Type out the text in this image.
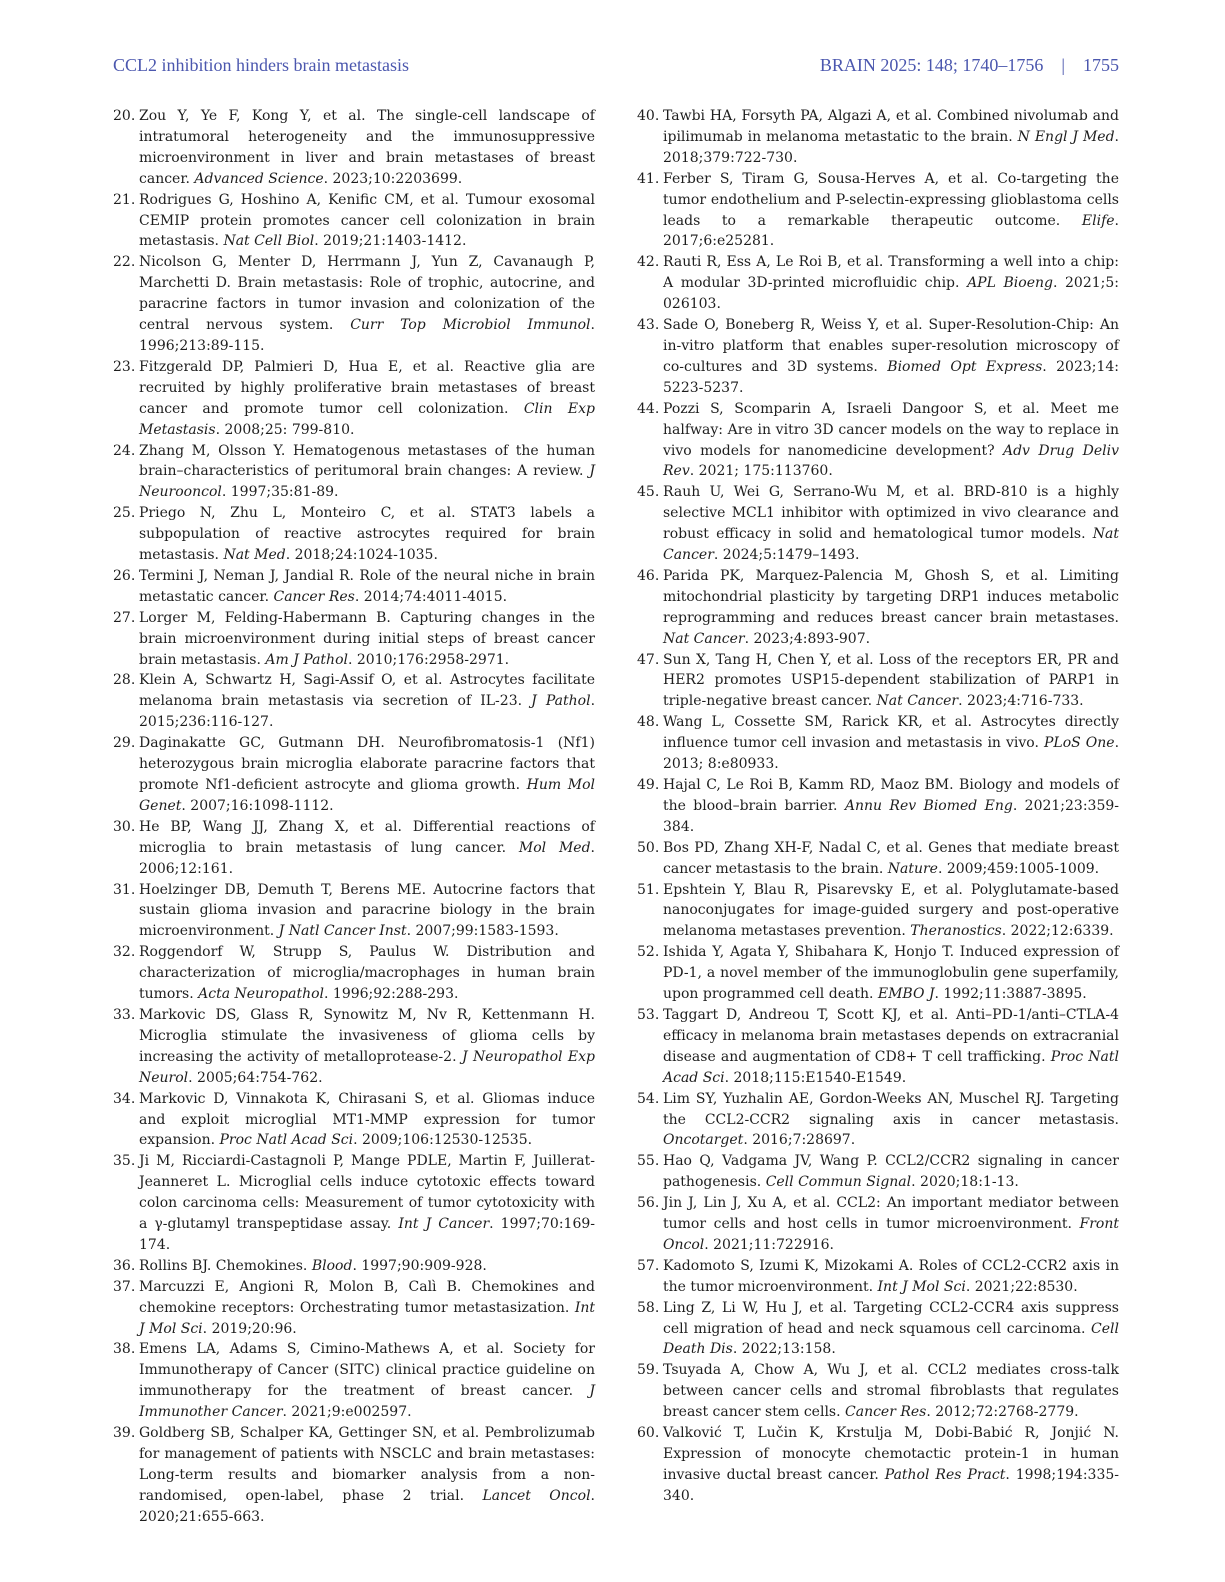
CCL2 inhibition hinders brain metastasis	BRAIN 2025: 148; 1740–1756 | 1755

20. Zou Y, Ye F, Kong Y, et al. The single-cell landscape of intratumoral heterogeneity and the immunosuppressive microenvironment in liver and brain metastases of breast cancer. Advanced Science. 2023;10:2203699.

21. Rodrigues G, Hoshino A, Kenific CM, et al. Tumour exosomal CEMIP protein promotes cancer cell colonization in brain metastasis. Nat Cell Biol. 2019;21:1403-1412.

22. Nicolson G, Menter D, Herrmann J, Yun Z, Cavanaugh P, Marchetti D. Brain metastasis: Role of trophic, autocrine, and paracrine factors in tumor invasion and colonization of the central nervous system. Curr Top Microbiol Immunol. 1996;213:89-115.

23. Fitzgerald DP, Palmieri D, Hua E, et al. Reactive glia are recruited by highly proliferative brain metastases of breast cancer and promote tumor cell colonization. Clin Exp Metastasis. 2008;25: 799-810.

24. Zhang M, Olsson Y. Hematogenous metastases of the human brain–characteristics of peritumoral brain changes: A review. J Neurooncol. 1997;35:81-89.

25. Priego N, Zhu L, Monteiro C, et al. STAT3 labels a subpopulation of reactive astrocytes required for brain metastasis. Nat Med. 2018;24:1024-1035.

26. Termini J, Neman J, Jandial R. Role of the neural niche in brain metastatic cancer. Cancer Res. 2014;74:4011-4015.

27. Lorger M, Felding-Habermann B. Capturing changes in the brain microenvironment during initial steps of breast cancer brain metastasis. Am J Pathol. 2010;176:2958-2971.

28. Klein A, Schwartz H, Sagi-Assif O, et al. Astrocytes facilitate melanoma brain metastasis via secretion of IL-23. J Pathol. 2015;236:116-127.

29. Daginakatte GC, Gutmann DH. Neurofibromatosis-1 (Nf1) heterozygous brain microglia elaborate paracrine factors that promote Nf1-deficient astrocyte and glioma growth. Hum Mol Genet. 2007;16:1098-1112.

30. He BP, Wang JJ, Zhang X, et al. Differential reactions of microglia to brain metastasis of lung cancer. Mol Med. 2006;12:161.

31. Hoelzinger DB, Demuth T, Berens ME. Autocrine factors that sustain glioma invasion and paracrine biology in the brain microenvironment. J Natl Cancer Inst. 2007;99:1583-1593.

32. Roggendorf W, Strupp S, Paulus W. Distribution and characterization of microglia/macrophages in human brain tumors. Acta Neuropathol. 1996;92:288-293.

33. Markovic DS, Glass R, Synowitz M, Nv R, Kettenmann H. Microglia stimulate the invasiveness of glioma cells by increasing the activity of metalloprotease-2. J Neuropathol Exp Neurol. 2005;64:754-762.

34. Markovic D, Vinnakota K, Chirasani S, et al. Gliomas induce and exploit microglial MT1-MMP expression for tumor expansion. Proc Natl Acad Sci. 2009;106:12530-12535.

35. Ji M, Ricciardi-Castagnoli P, Mange PDLE, Martin F, Juillerat-Jeanneret L. Microglial cells induce cytotoxic effects toward colon carcinoma cells: Measurement of tumor cytotoxicity with a γ-glutamyl transpeptidase assay. Int J Cancer. 1997;70:169-174.

36. Rollins BJ. Chemokines. Blood. 1997;90:909-928.

37. Marcuzzi E, Angioni R, Molon B, Calì B. Chemokines and chemokine receptors: Orchestrating tumor metastasization. Int J Mol Sci. 2019;20:96.

38. Emens LA, Adams S, Cimino-Mathews A, et al. Society for Immunotherapy of Cancer (SITC) clinical practice guideline on immunotherapy for the treatment of breast cancer. J Immunother Cancer. 2021;9:e002597.

39. Goldberg SB, Schalper KA, Gettinger SN, et al. Pembrolizumab for management of patients with NSCLC and brain metastases: Long-term results and biomarker analysis from a non-randomised, open-label, phase 2 trial. Lancet Oncol. 2020;21:655-663.

40. Tawbi HA, Forsyth PA, Algazi A, et al. Combined nivolumab and ipilimumab in melanoma metastatic to the brain. N Engl J Med. 2018;379:722-730.

41. Ferber S, Tiram G, Sousa-Herves A, et al. Co-targeting the tumor endothelium and P-selectin-expressing glioblastoma cells leads to a remarkable therapeutic outcome. Elife. 2017;6:e25281.

42. Rauti R, Ess A, Le Roi B, et al. Transforming a well into a chip: A modular 3D-printed microfluidic chip. APL Bioeng. 2021;5: 026103.

43. Sade O, Boneberg R, Weiss Y, et al. Super-Resolution-Chip: An in-vitro platform that enables super-resolution microscopy of co-cultures and 3D systems. Biomed Opt Express. 2023;14: 5223-5237.

44. Pozzi S, Scomparin A, Israeli Dangoor S, et al. Meet me halfway: Are in vitro 3D cancer models on the way to replace in vivo models for nanomedicine development? Adv Drug Deliv Rev. 2021; 175:113760.

45. Rauh U, Wei G, Serrano-Wu M, et al. BRD-810 is a highly selective MCL1 inhibitor with optimized in vivo clearance and robust efficacy in solid and hematological tumor models. Nat Cancer. 2024;5:1479–1493.

46. Parida PK, Marquez-Palencia M, Ghosh S, et al. Limiting mitochondrial plasticity by targeting DRP1 induces metabolic reprogramming and reduces breast cancer brain metastases. Nat Cancer. 2023;4:893-907.

47. Sun X, Tang H, Chen Y, et al. Loss of the receptors ER, PR and HER2 promotes USP15-dependent stabilization of PARP1 in triple-negative breast cancer. Nat Cancer. 2023;4:716-733.

48. Wang L, Cossette SM, Rarick KR, et al. Astrocytes directly influence tumor cell invasion and metastasis in vivo. PLoS One. 2013; 8:e80933.

49. Hajal C, Le Roi B, Kamm RD, Maoz BM. Biology and models of the blood–brain barrier. Annu Rev Biomed Eng. 2021;23:359-384.

50. Bos PD, Zhang XH-F, Nadal C, et al. Genes that mediate breast cancer metastasis to the brain. Nature. 2009;459:1005-1009.

51. Epshtein Y, Blau R, Pisarevsky E, et al. Polyglutamate-based nanoconjugates for image-guided surgery and post-operative melanoma metastases prevention. Theranostics. 2022;12:6339.

52. Ishida Y, Agata Y, Shibahara K, Honjo T. Induced expression of PD-1, a novel member of the immunoglobulin gene superfamily, upon programmed cell death. EMBO J. 1992;11:3887-3895.

53. Taggart D, Andreou T, Scott KJ, et al. Anti–PD-1/anti–CTLA-4 efficacy in melanoma brain metastases depends on extracranial disease and augmentation of CD8+ T cell trafficking. Proc Natl Acad Sci. 2018;115:E1540-E1549.

54. Lim SY, Yuzhalin AE, Gordon-Weeks AN, Muschel RJ. Targeting the CCL2-CCR2 signaling axis in cancer metastasis. Oncotarget. 2016;7:28697.

55. Hao Q, Vadgama JV, Wang P. CCL2/CCR2 signaling in cancer pathogenesis. Cell Commun Signal. 2020;18:1-13.

56. Jin J, Lin J, Xu A, et al. CCL2: An important mediator between tumor cells and host cells in tumor microenvironment. Front Oncol. 2021;11:722916.

57. Kadomoto S, Izumi K, Mizokami A. Roles of CCL2-CCR2 axis in the tumor microenvironment. Int J Mol Sci. 2021;22:8530.

58. Ling Z, Li W, Hu J, et al. Targeting CCL2-CCR4 axis suppress cell migration of head and neck squamous cell carcinoma. Cell Death Dis. 2022;13:158.

59. Tsuyada A, Chow A, Wu J, et al. CCL2 mediates cross-talk between cancer cells and stromal fibroblasts that regulates breast cancer stem cells. Cancer Res. 2012;72:2768-2779.

60. Valković T, Lučin K, Krstulja M, Dobi-Babić R, Jonjić N. Expression of monocyte chemotactic protein-1 in human invasive ductal breast cancer. Pathol Res Pract. 1998;194:335-340.
